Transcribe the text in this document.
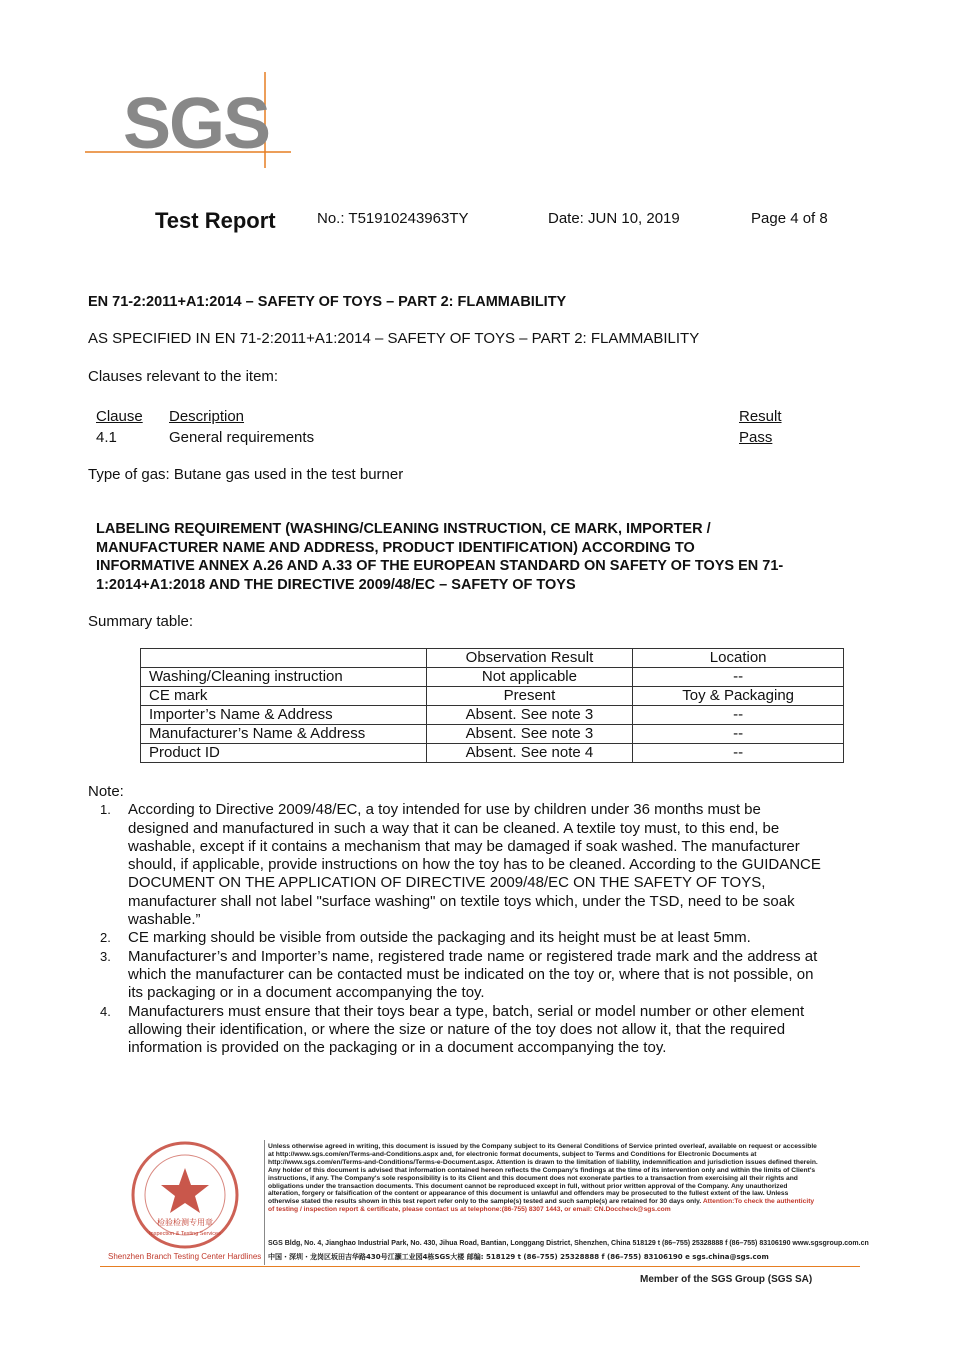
SGS
Test Report	No.: T51910243963TY	Date: JUN 10, 2019	Page 4 of 8
EN 71-2:2011+A1:2014 – SAFETY OF TOYS – PART 2: FLAMMABILITY
AS SPECIFIED IN EN 71-2:2011+A1:2014 – SAFETY OF TOYS – PART 2: FLAMMABILITY
Clauses relevant to the item:
Clause Description	Result
4.1	General requirements	Pass
Type of gas: Butane gas used in the test burner
LABELING REQUIREMENT (WASHING/CLEANING INSTRUCTION, CE MARK, IMPORTER /
MANUFACTURER NAME AND ADDRESS, PRODUCT IDENTIFICATION) ACCORDING TO
INFORMATIVE ANNEX A.26 AND A.33 OF THE EUROPEAN STANDARD ON SAFETY OF TOYS EN 71-
1:2014+A1:2018 AND THE DIRECTIVE 2009/48/EC – SAFETY OF TOYS
Summary table:
	Observation Result	Location
Washing/Cleaning instruction	Not applicable	--
CE mark	Present	Toy & Packaging
Importer’s Name & Address	Absent. See note 3	--
Manufacturer’s Name & Address	Absent. See note 3	--
Product ID	Absent. See note 4	--
Note:
1. According to Directive 2009/48/EC, a toy intended for use by children under 36 months must be
designed and manufactured in such a way that it can be cleaned. A textile toy must, to this end, be
washable, except if it contains a mechanism that may be damaged if soak washed. The manufacturer
should, if applicable, provide instructions on how the toy has to be cleaned. According to the GUIDANCE
DOCUMENT ON THE APPLICATION OF DIRECTIVE 2009/48/EC ON THE SAFETY OF TOYS,
manufacturer shall not label "surface washing" on textile toys which, under the TSD, need to be soak
washable.”
2. CE marking should be visible from outside the packaging and its height must be at least 5mm.
3. Manufacturer’s and Importer’s name, registered trade name or registered trade mark and the address at
which the manufacturer can be contacted must be indicated on the toy or, where that is not possible, on
its packaging or in a document accompanying the toy.
4. Manufacturers must ensure that their toys bear a type, batch, serial or model number or other element
allowing their identification, or where the size or nature of the toy does not allow it, that the required
information is provided on the packaging or in a document accompanying the toy.
检验检测专用章
Inspection & Testing Services
Shenzhen Branch Testing Center Hardlines
Unless otherwise agreed in writing, this document is issued by the Company subject to its General Conditions of Service printed overleaf, available on request or accessible at http://www.sgs.com/en/Terms-and-Conditions.aspx and, for electronic format documents, subject to Terms and Conditions for Electronic Documents at http://www.sgs.com/en/Terms-and-Conditions/Terms-e-Document.aspx. Attention is drawn to the limitation of liability, indemnification and jurisdiction issues defined therein. Any holder of this document is advised that information contained hereon reflects the Company's findings at the time of its intervention only and within the limits of Client's instructions, if any. The Company's sole responsibility is to its Client and this document does not exonerate parties to a transaction from exercising all their rights and obligations under the transaction documents. This document cannot be reproduced except in full, without prior written approval of the Company. Any unauthorized alteration, forgery or falsification of the content or appearance of this document is unlawful and offenders may be prosecuted to the fullest extent of the law. Unless otherwise stated the results shown in this test report refer only to the sample(s) tested and such sample(s) are retained for 30 days only. Attention:To check the authenticity of testing / inspection report & certificate, please contact us at telephone:(86-755) 8307 1443, or email: CN.Doccheck@sgs.com
SGS Bldg, No. 4, Jianghao Industrial Park, No. 430, Jihua Road, Bantian, Longgang District, Shenzhen, China 518129 t (86–755) 25328888 f (86–755) 83106190 www.sgsgroup.com.cn
中国・深圳・龙岗区坂田吉华路430号江灏工业园4栋SGS大楼 邮编: 518129 t (86–755) 25328888 f (86–755) 83106190 e sgs.china@sgs.com
Member of the SGS Group (SGS SA)
